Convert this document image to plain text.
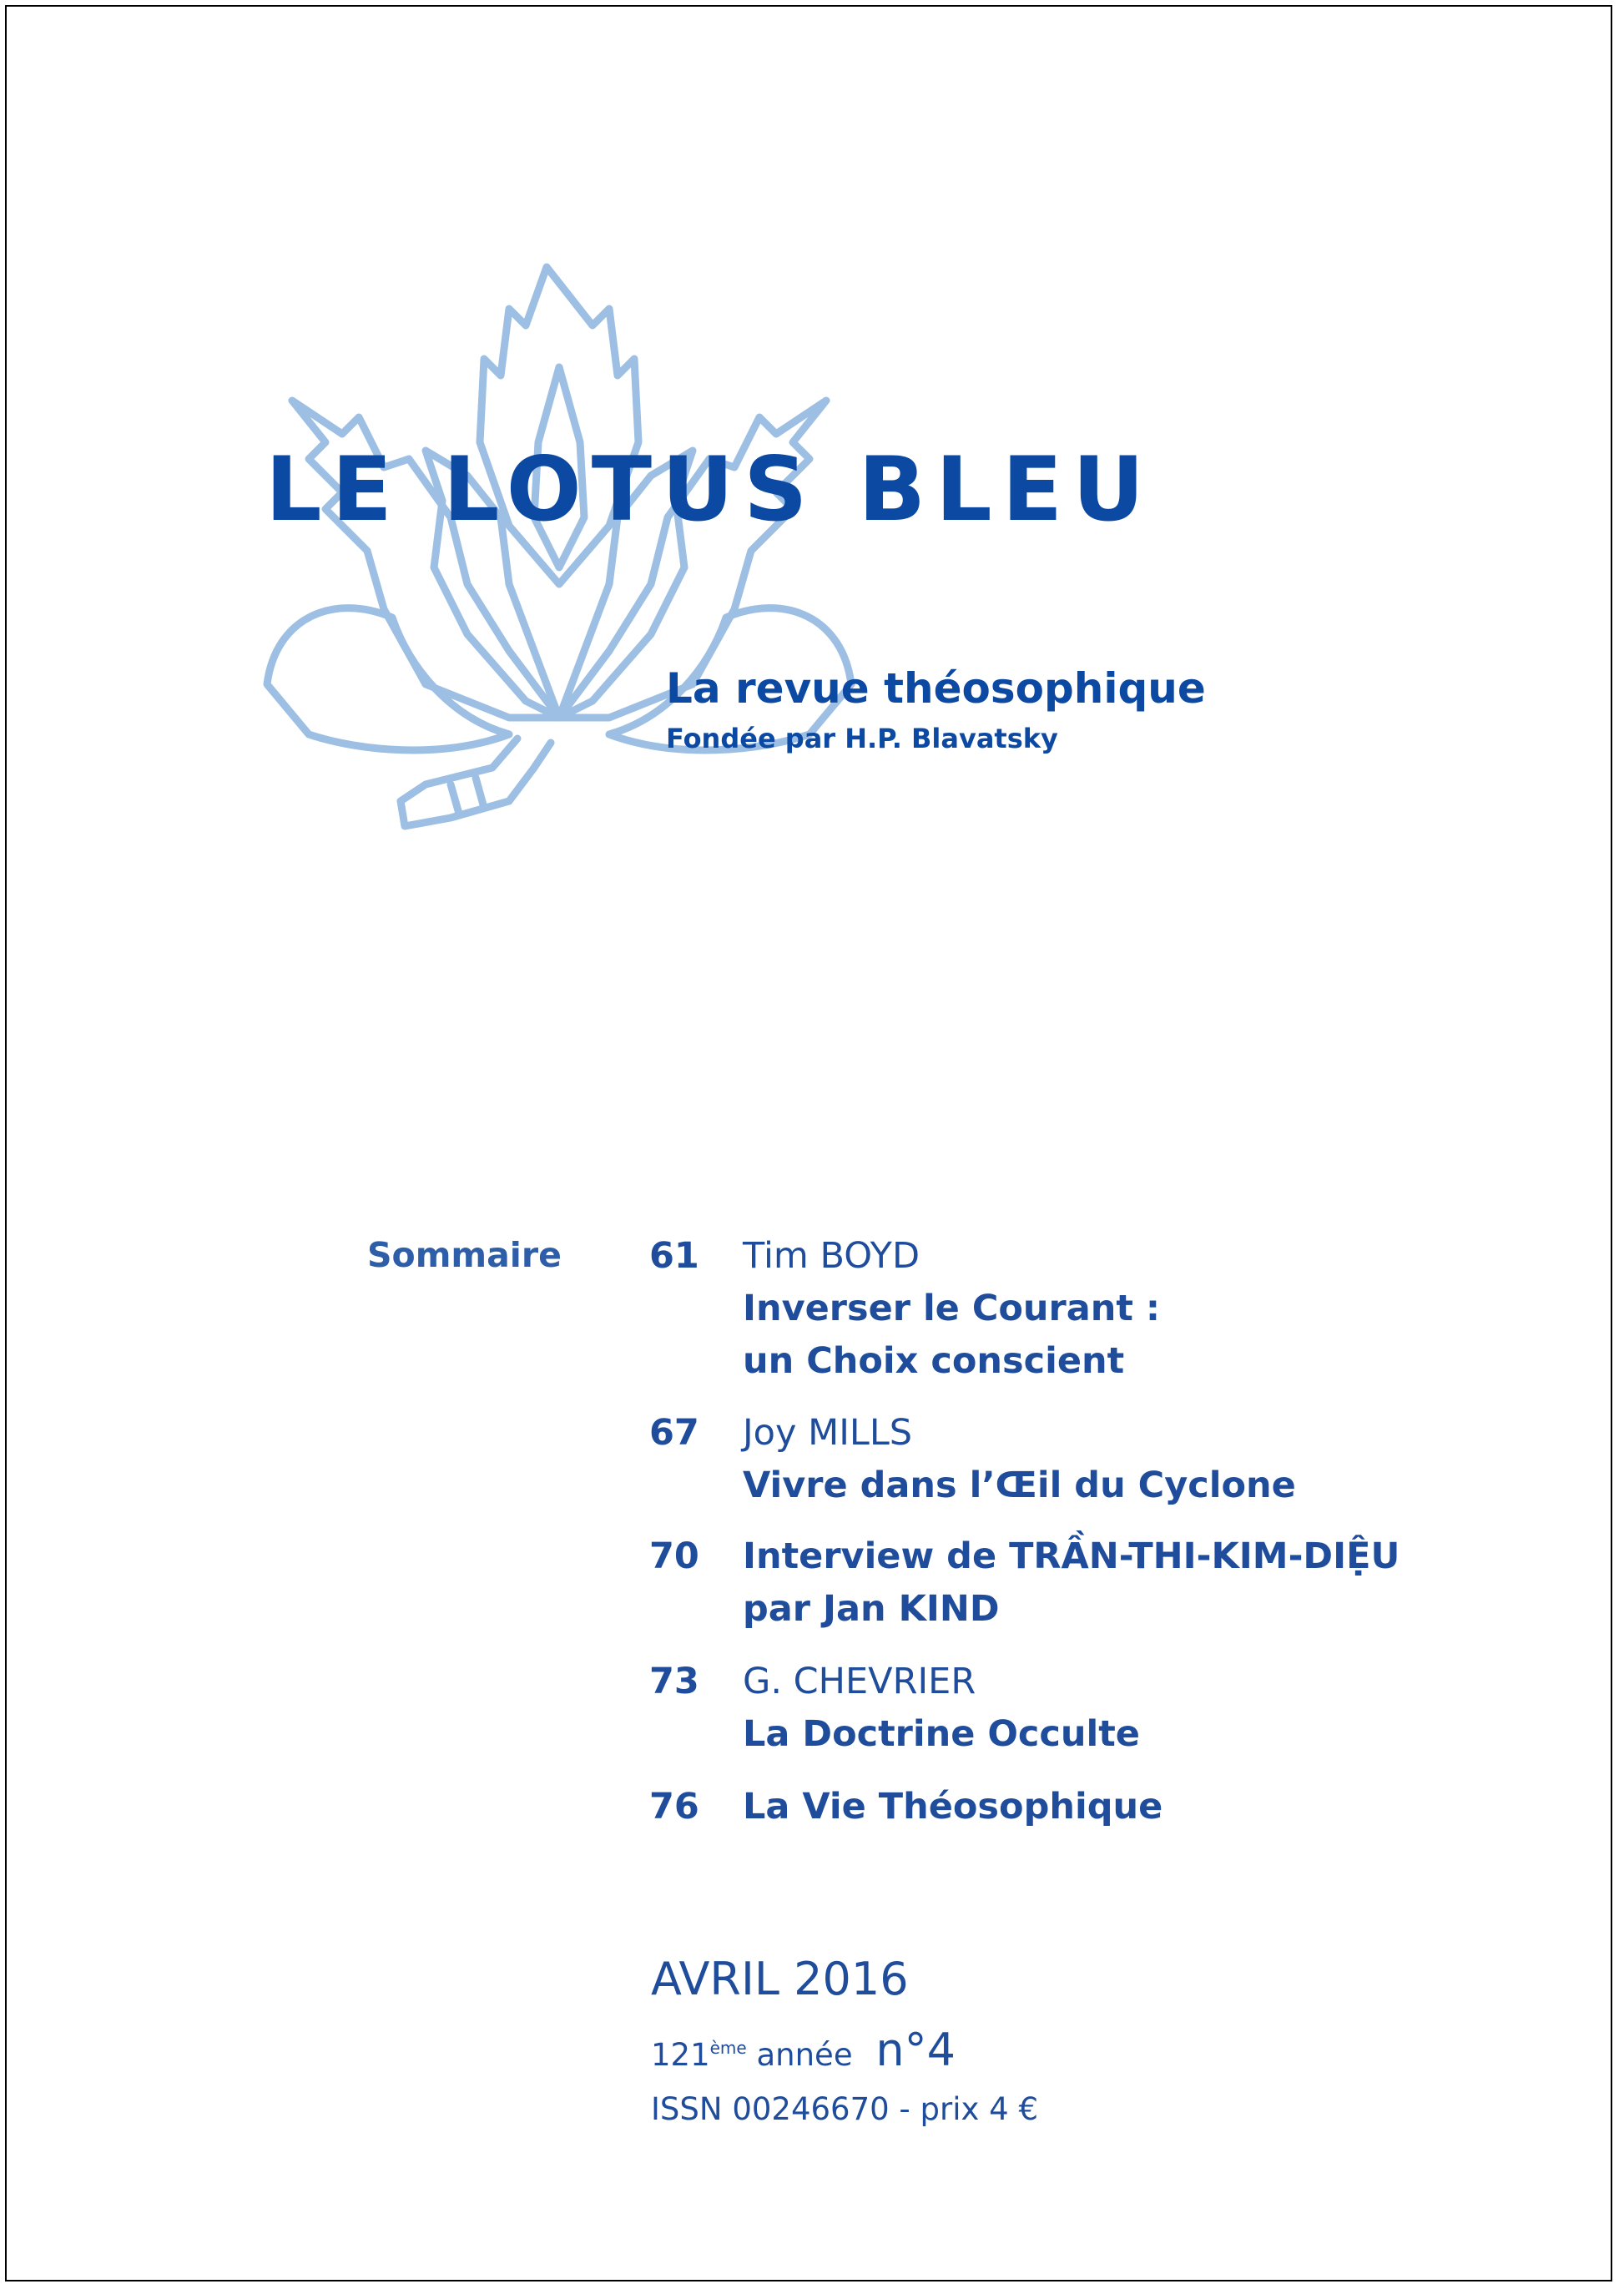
LE LOTUS BLEU
La revue théosophique
Fondée par H.P. Blavatsky
Sommaire 61 Tim BOYD
Inverser le Courant :
un Choix conscient
67 Joy MILLS
Vivre dans l’Œil du Cyclone
70 Interview de TRẦN-THI-KIM-DIỆU
par Jan KIND
73 G. CHEVRIER
La Doctrine Occulte
76 La Vie Théosophique
AVRIL 2016
121ème année n°4
ISSN 00246670 - prix 4 €
